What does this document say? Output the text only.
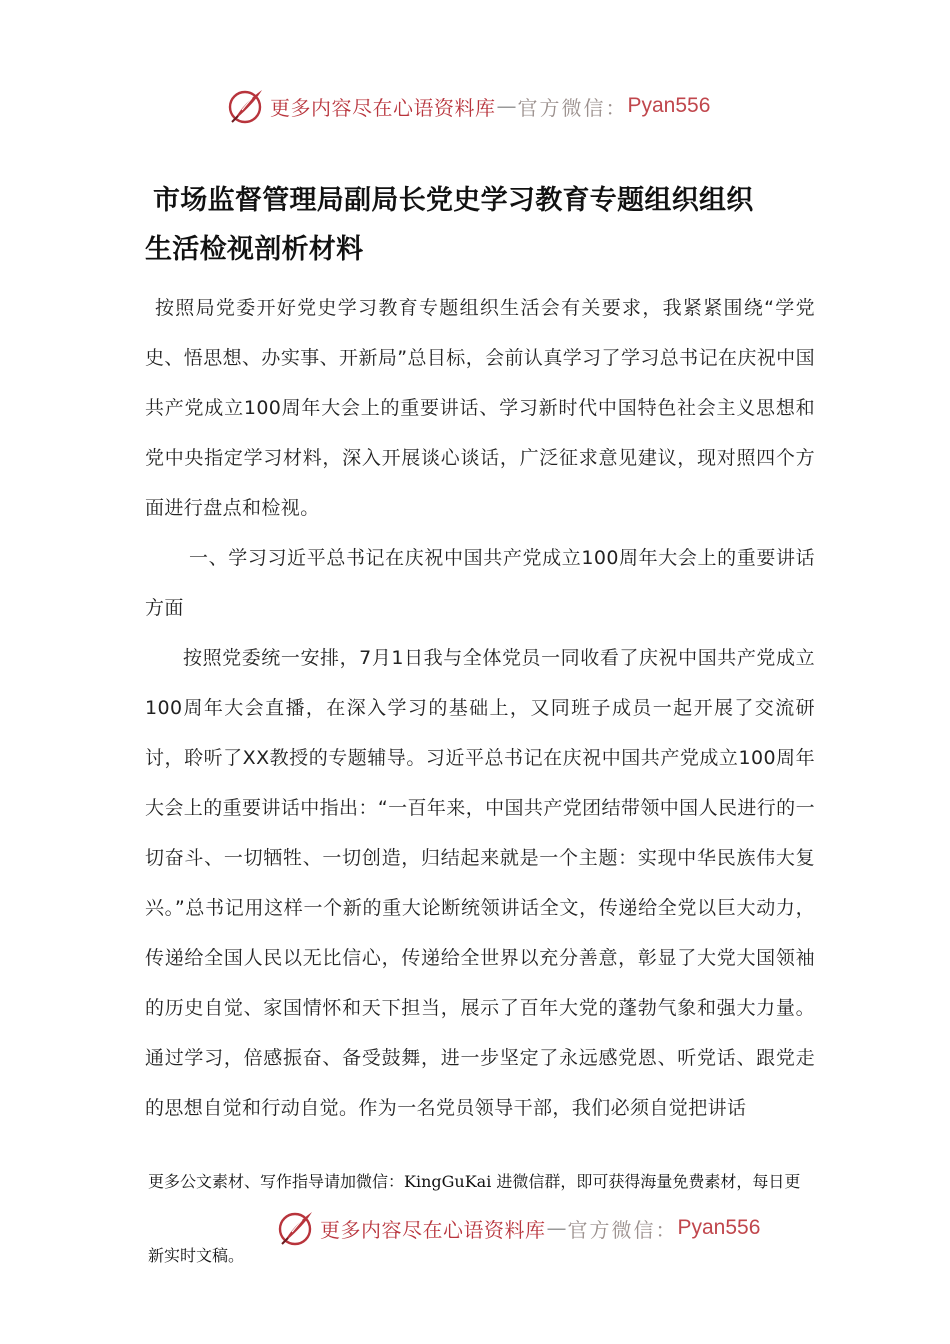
更多内容尽在心语资料库 — 官方微信： Pyan556
市场监督管理局副局长党史学习教育专题组织组织
生活检视剖析材料

按照局党委开好党史学习教育专题组织生活会有关要求，我紧紧围绕“学党史、悟思想、办实事、开新局”总目标，会前认真学习了学习总书记在庆祝中国共产党成立100周年大会上的重要讲话、学习新时代中国特色社会主义思想和党中央指定学习材料，深入开展谈心谈话，广泛征求意见建议，现对照四个方面进行盘点和检视。

一、学习习近平总书记在庆祝中国共产党成立100周年大会上的重要讲话方面

按照党委统一安排，7月1日我与全体党员一同收看了庆祝中国共产党成立100周年大会直播，在深入学习的基础上，又同班子成员一起开展了交流研讨，聆听了XX教授的专题辅导。习近平总书记在庆祝中国共产党成立100周年大会上的重要讲话中指出：“一百年来，中国共产党团结带领中国人民进行的一切奋斗、一切牺牲、一切创造，归结起来就是一个主题：实现中华民族伟大复兴。”总书记用这样一个新的重大论断统领讲话全文，传递给全党以巨大动力，传递给全国人民以无比信心，传递给全世界以充分善意，彰显了大党大国领袖的历史自觉、家国情怀和天下担当，展示了百年大党的蓬勃气象和强大力量。通过学习，倍感振奋、备受鼓舞，进一步坚定了永远感党恩、听党话、跟党走的思想自觉和行动自觉。作为一名党员领导干部，我们必须自觉把讲话

更多公文素材、写作指导请加微信：KingGuKai 进微信群，即可获得海量免费素材，每日更
更多内容尽在心语资料库 — 官方微信： Pyan556
新实时文稿。
